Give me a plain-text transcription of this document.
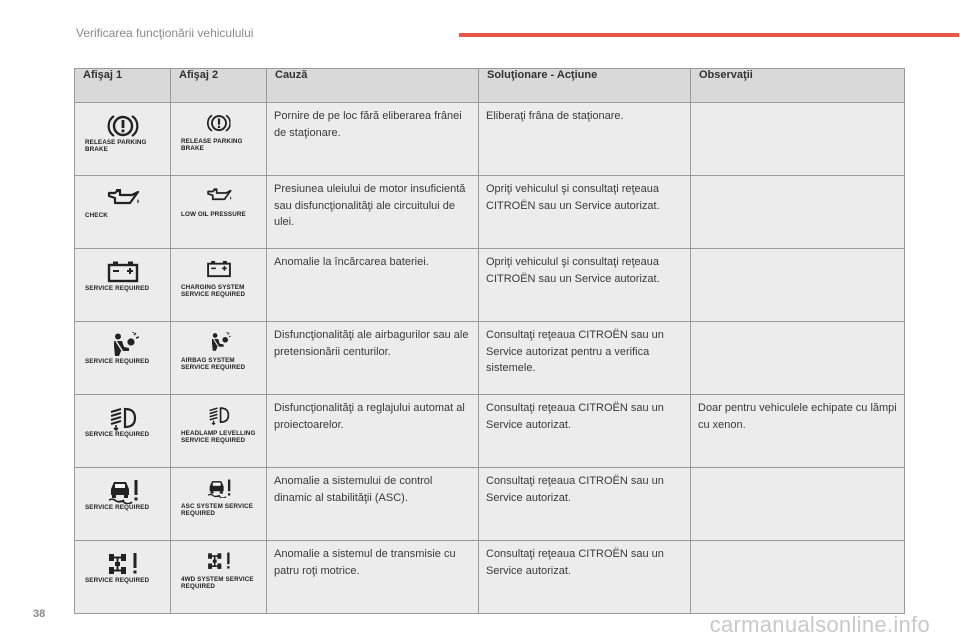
Verificarea funcţionării vehiculului
Afişaj 1	Afişaj 2	Cauză	Soluţionare - Acţiune	Observaţii

RELEASE PARKING BRAKE	RELEASE PARKING BRAKE	Pornire de pe loc fără eliberarea frânei de staţionare.	Eliberaţi frâna de staţionare.	

CHECK	LOW OIL PRESSURE	Presiunea uleiului de motor insuficientă sau disfuncţionalităţi ale circuitului de ulei.	Opriţi vehiculul şi consultaţi reţeaua CITROËN sau un Service autorizat.	

SERVICE REQUIRED	CHARGING SYSTEM SERVICE REQUIRED	Anomalie la încărcarea bateriei.	Opriţi vehiculul şi consultaţi reţeaua CITROËN sau un Service autorizat.	

SERVICE REQUIRED	AIRBAG SYSTEM SERVICE REQUIRED	Disfuncţionalităţi ale airbagurilor sau ale pretensionării centurilor.	Consultaţi reţeaua CITROËN sau un Service autorizat pentru a verifica sistemele.	

SERVICE REQUIRED	HEADLAMP LEVELLING SERVICE REQUIRED	Disfuncţionalităţi a reglajului automat al proiectoarelor.	Consultaţi reţeaua CITROËN sau un Service autorizat.	Doar pentru vehiculele echipate cu lămpi cu xenon.

SERVICE REQUIRED	ASC SYSTEM SERVICE REQUIRED	Anomalie a sistemului de control dinamic al stabilităţii (ASC).	Consultaţi reţeaua CITROËN sau un Service autorizat.	

SERVICE REQUIRED	4WD SYSTEM SERVICE REQUIRED	Anomalie a sistemul de transmisie cu patru roţi motrice.	Consultaţi reţeaua CITROËN sau un Service autorizat.	
38	carmanualsonline.info
